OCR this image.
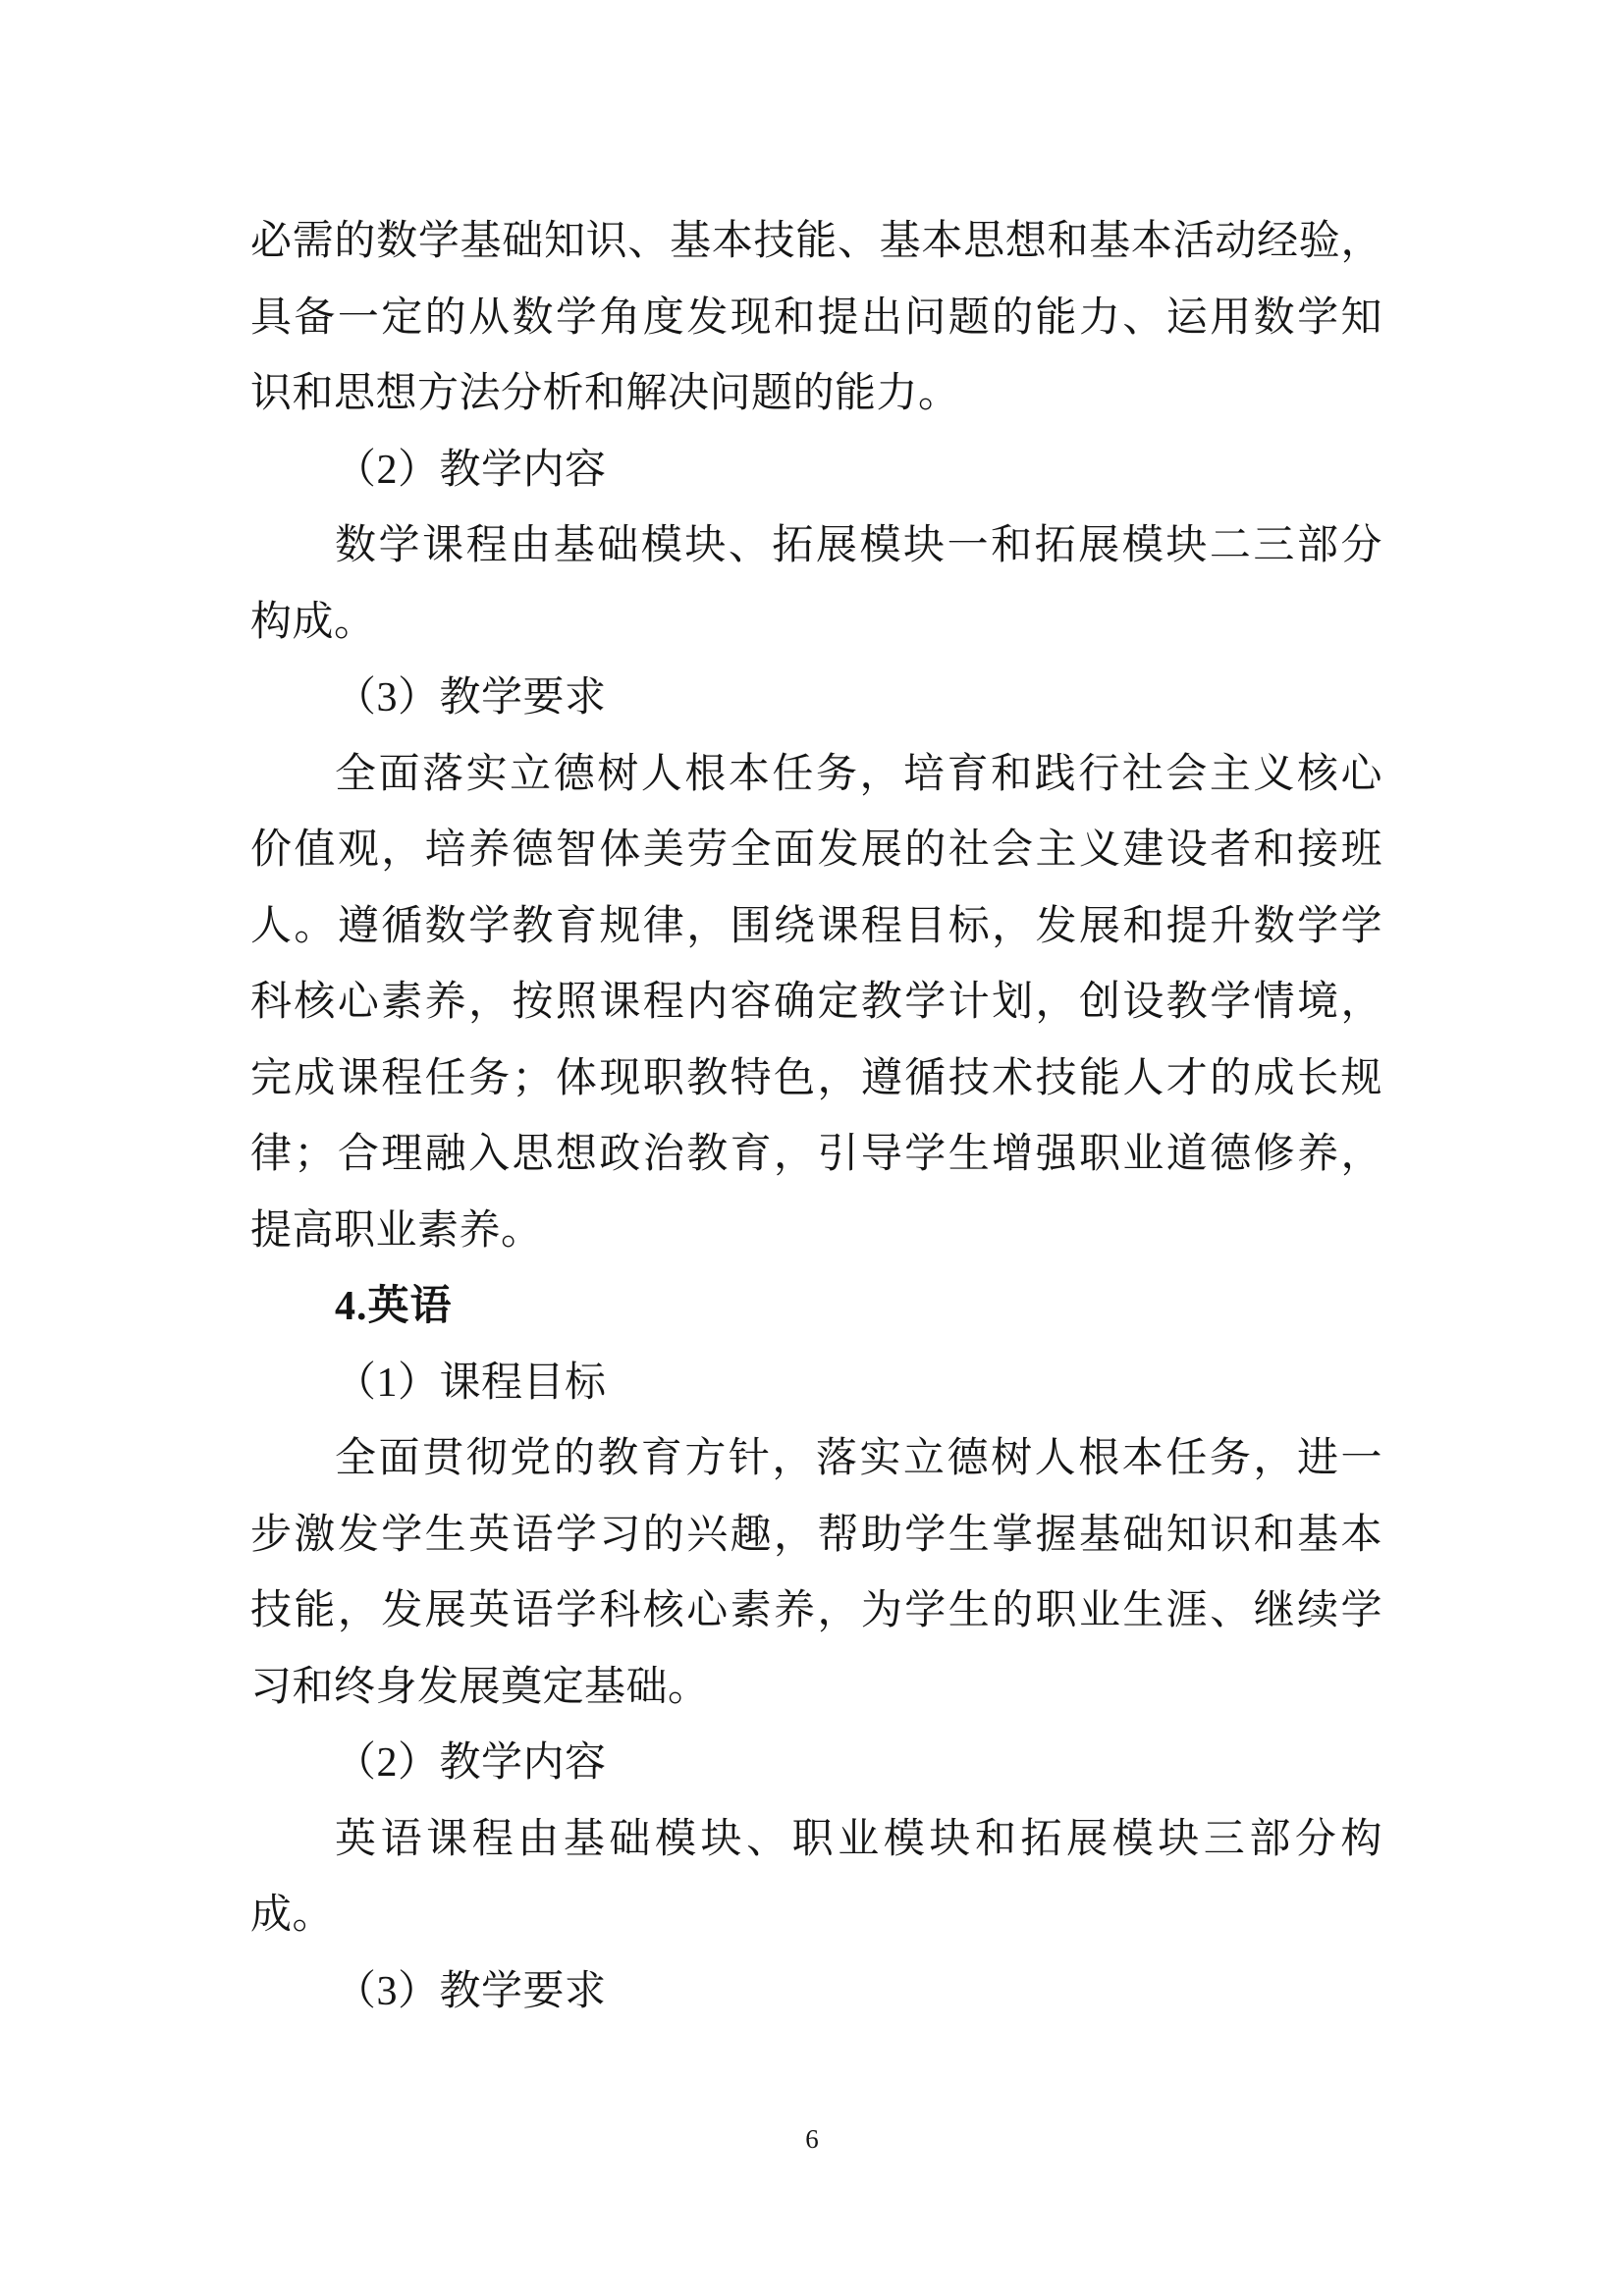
必需的数学基础知识、基本技能、基本思想和基本活动经验，
具备一定的从数学角度发现和提出问题的能力、运用数学知
识和思想方法分析和解决问题的能力。
（2）教学内容
数学课程由基础模块、拓展模块一和拓展模块二三部分
构成。
（3）教学要求
全面落实立德树人根本任务，培育和践行社会主义核心
价值观，培养德智体美劳全面发展的社会主义建设者和接班
人。遵循数学教育规律，围绕课程目标，发展和提升数学学
科核心素养，按照课程内容确定教学计划，创设教学情境，
完成课程任务；体现职教特色，遵循技术技能人才的成长规
律；合理融入思想政治教育，引导学生增强职业道德修养，
提高职业素养。
4.英语
（1）课程目标
全面贯彻党的教育方针，落实立德树人根本任务，进一
步激发学生英语学习的兴趣，帮助学生掌握基础知识和基本
技能，发展英语学科核心素养，为学生的职业生涯、继续学
习和终身发展奠定基础。
（2）教学内容
英语课程由基础模块、职业模块和拓展模块三部分构
成。
（3）教学要求
6
